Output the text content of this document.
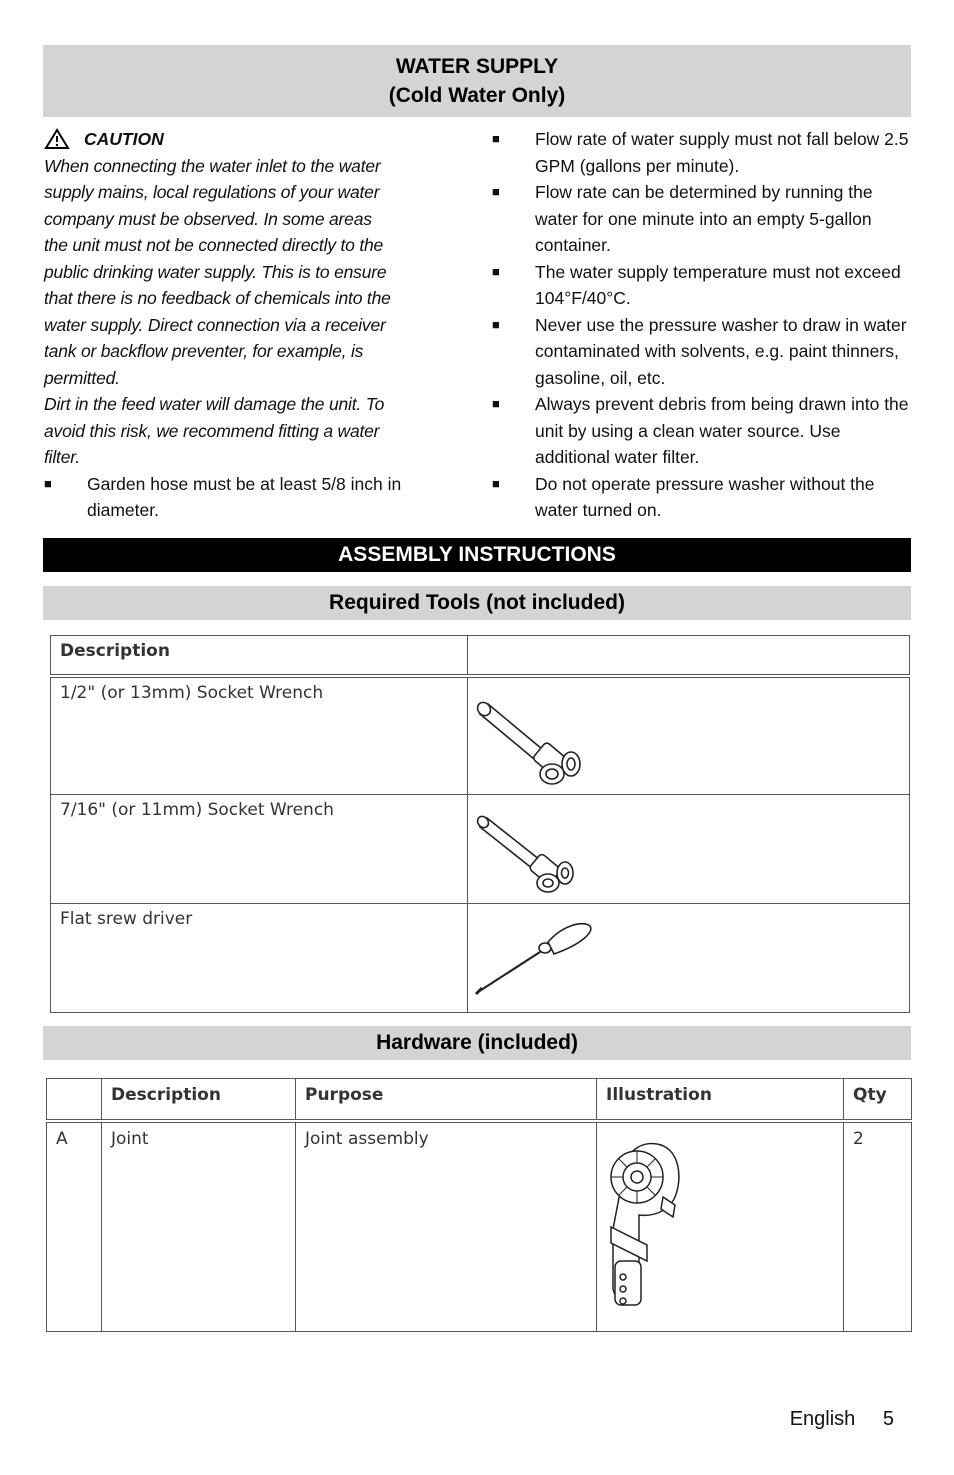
WATER SUPPLY
(Cold Water Only)
CAUTION
When connecting the water inlet to the water
supply mains, local regulations of your water
company must be observed. In some areas
the unit must not be connected directly to the
public drinking water supply. This is to ensure
that there is no feedback of chemicals into the
water supply. Direct connection via a receiver
tank or backflow preventer, for example, is
permitted.
Dirt in the feed water will damage the unit. To
avoid this risk, we recommend fitting a water
filter.
■	Garden hose must be at least 5/8 inch in diameter.
■	Flow rate of water supply must not fall below 2.5 GPM (gallons per minute).
■	Flow rate can be determined by running the water for one minute into an empty 5-gallon container.
■	The water supply temperature must not exceed 104°F/40°C.
■	Never use the pressure washer to draw in water contaminated with solvents, e.g. paint thinners, gasoline, oil, etc.
■	Always prevent debris from being drawn into the unit by using a clean water source. Use additional water filter.
■	Do not operate pressure washer without the water turned on.
ASSEMBLY INSTRUCTIONS
Required Tools (not included)
Description	
1/2" (or 13mm) Socket Wrench	

7/16" (or 11mm) Socket Wrench	

Flat srew driver	
Hardware (included)
	Description	Purpose	Illustration	Qty
A	Joint	Joint assembly		2
English 5
